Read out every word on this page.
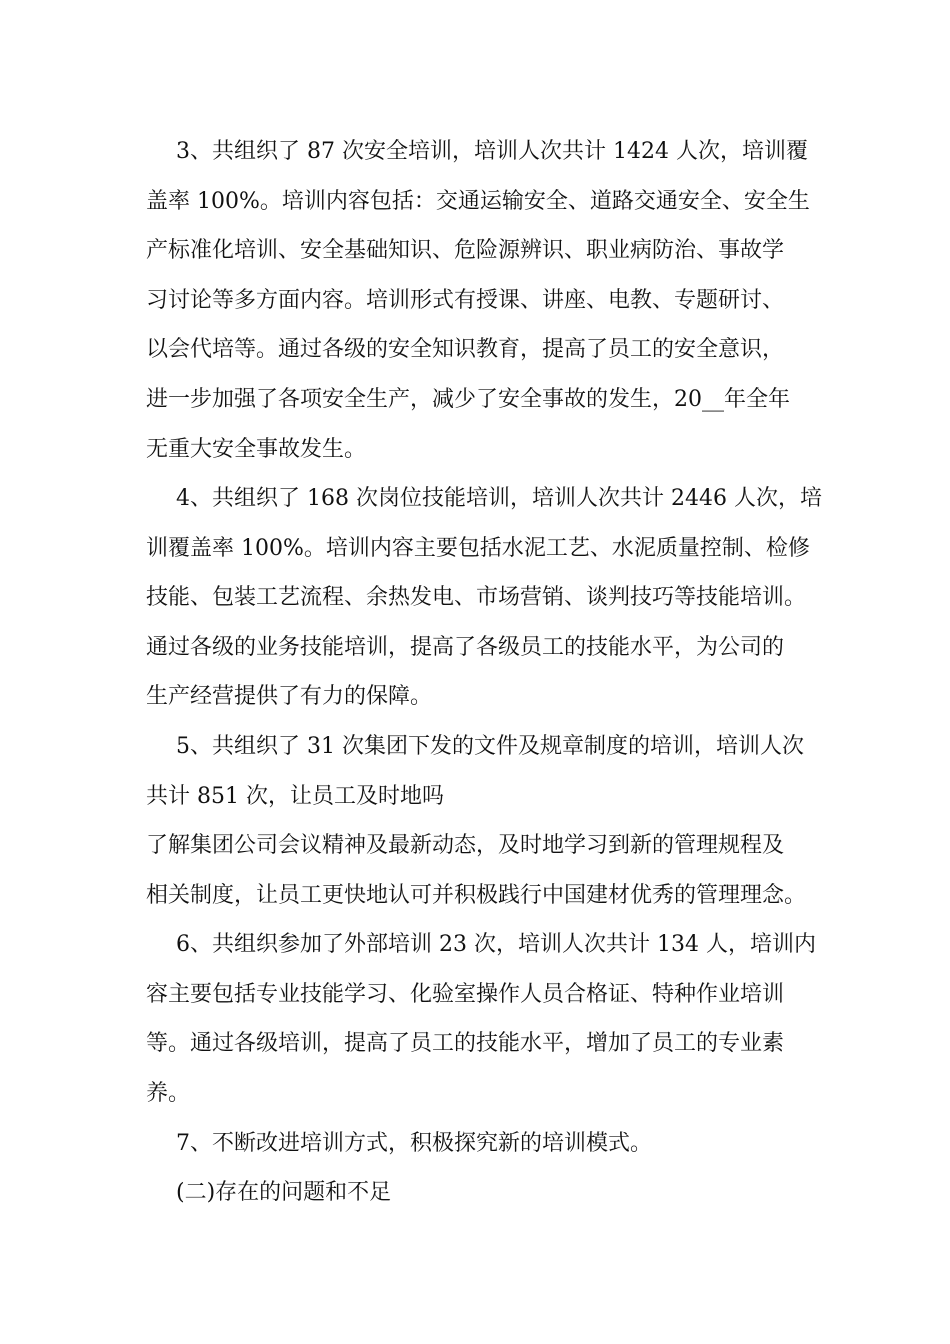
3、共组织了 87 次安全培训，培训人次共计 1424 人次，培训覆

盖率 100%。培训内容包括：交通运输安全、道路交通安全、安全生

产标准化培训、安全基础知识、危险源辨识、职业病防治、事故学

习讨论等多方面内容。培训形式有授课、讲座、电教、专题研讨、

以会代培等。通过各级的安全知识教育，提高了员工的安全意识，

进一步加强了各项安全生产，减少了安全事故的发生，20__年全年

无重大安全事故发生。

4、共组织了 168 次岗位技能培训，培训人次共计 2446 人次，培

训覆盖率 100%。培训内容主要包括水泥工艺、水泥质量控制、检修

技能、包装工艺流程、余热发电、市场营销、谈判技巧等技能培训。

通过各级的业务技能培训，提高了各级员工的技能水平，为公司的

生产经营提供了有力的保障。

5、共组织了 31 次集团下发的文件及规章制度的培训，培训人次

共计 851 次，让员工及时地吗

了解集团公司会议精神及最新动态，及时地学习到新的管理规程及

相关制度，让员工更快地认可并积极践行中国建材优秀的管理理念。

6、共组织参加了外部培训 23 次，培训人次共计 134 人，培训内

容主要包括专业技能学习、化验室操作人员合格证、特种作业培训

等。通过各级培训，提高了员工的技能水平，增加了员工的专业素

养。

7、不断改进培训方式，积极探究新的培训模式。

(二)存在的问题和不足
